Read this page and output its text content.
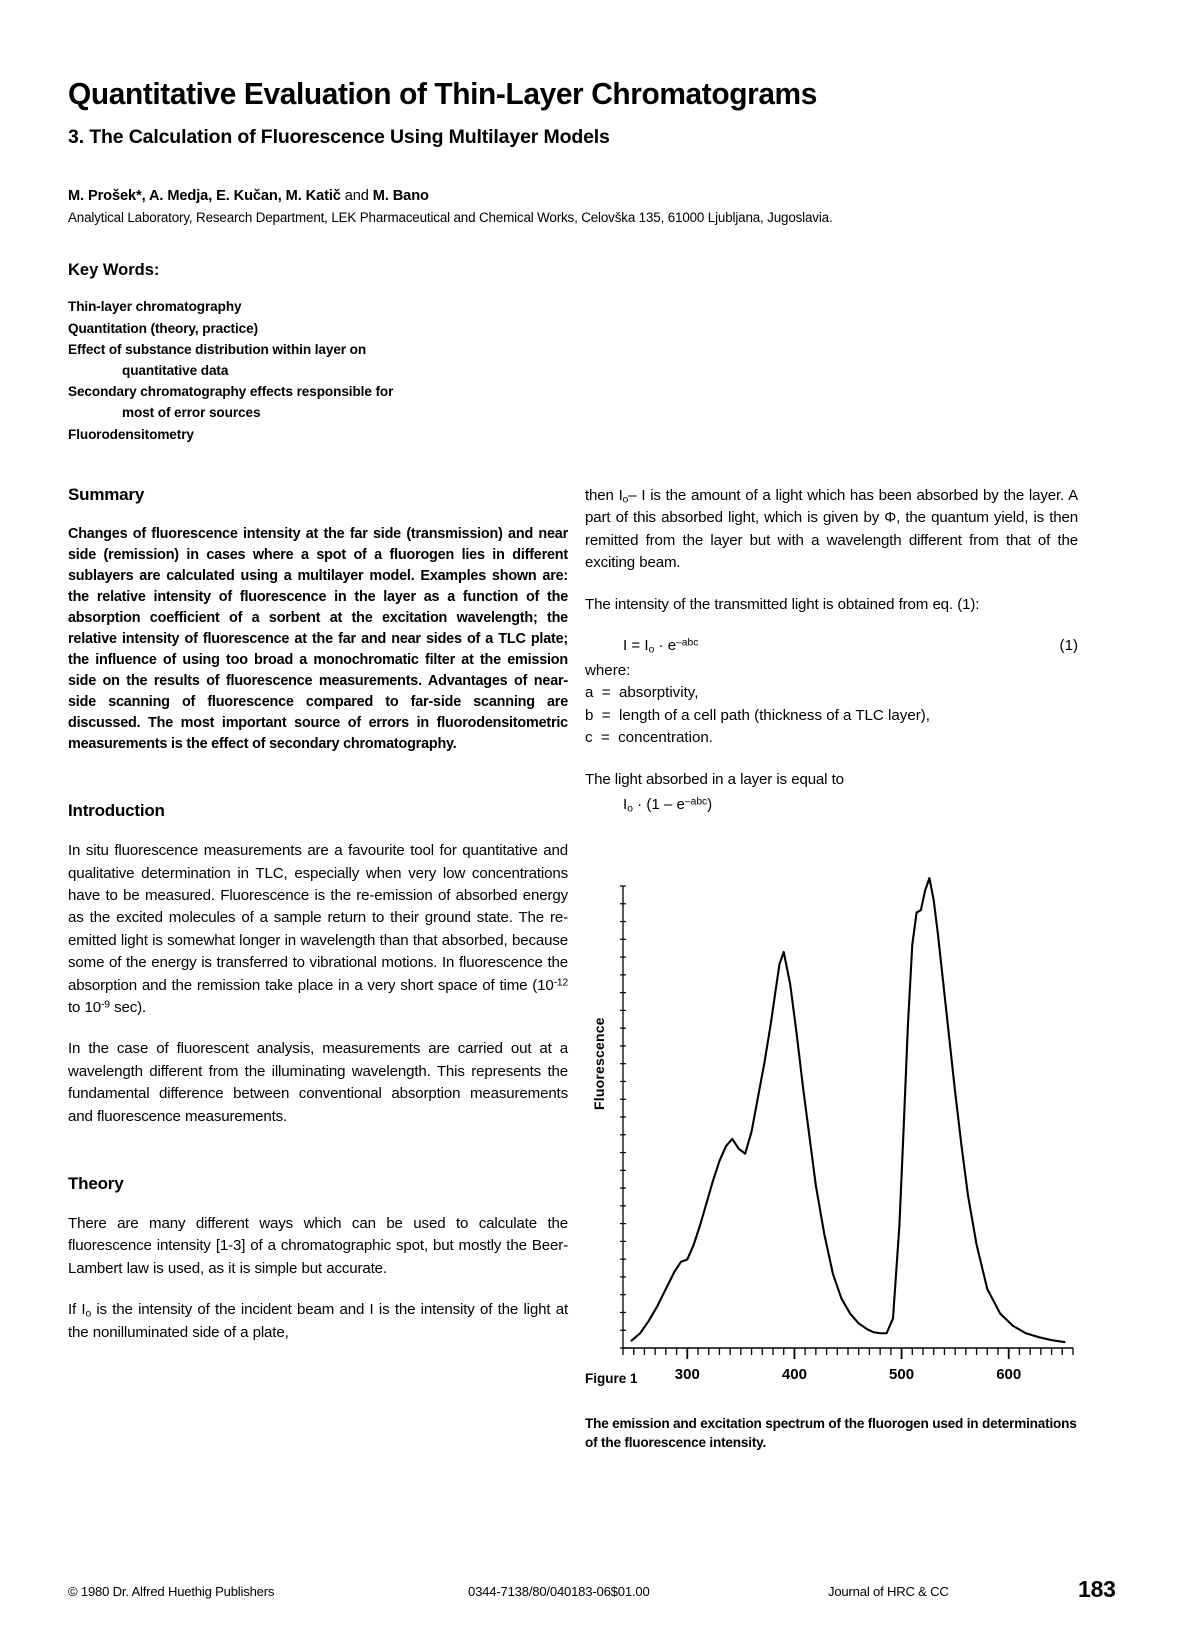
Quantitative Evaluation of Thin-Layer Chromatograms
3. The Calculation of Fluorescence Using Multilayer Models
M. Prošek*, A. Medja, E. Kučan, M. Katič and M. Bano
Analytical Laboratory, Research Department, LEK Pharmaceutical and Chemical Works, Celovška 135, 61000 Ljubljana, Jugoslavia.
Key Words:
Thin-layer chromatography
Quantitation (theory, practice)
Effect of substance distribution within layer on
quantitative data
Secondary chromatography effects responsible for
most of error sources
Fluorodensitometry
Summary

Changes of fluorescence intensity at the far side (transmission) and near side (remission) in cases where a spot of a fluorogen lies in different sublayers are calculated using a multilayer model. Examples shown are: the relative intensity of fluorescence in the layer as a function of the absorption coefficient of a sorbent at the excitation wavelength; the relative intensity of fluorescence at the far and near sides of a TLC plate; the influence of using too broad a monochromatic filter at the emission side on the results of fluorescence measurements. Advantages of near-side scanning of fluorescence compared to far-side scanning are discussed. The most important source of errors in fluorodensitometric measurements is the effect of secondary chromatography.

Introduction

In situ fluorescence measurements are a favourite tool for quantitative and qualitative determination in TLC, especially when very low concentrations have to be measured. Fluorescence is the re-emission of absorbed energy as the excited molecules of a sample return to their ground state. The re-emitted light is somewhat longer in wavelength than that absorbed, because some of the energy is transferred to vibrational motions. In fluorescence the absorption and the remission take place in a very short space of time ($10^{-12}$ to $10^{-9}$ sec).

In the case of fluorescent analysis, measurements are carried out at a wavelength different from the illuminating wavelength. This represents the fundamental difference between conventional absorption measurements and fluorescence measurements.

Theory

There are many different ways which can be used to calculate the fluorescence intensity [1-3] of a chromatographic spot, but mostly the Beer-Lambert law is used, as it is simple but accurate.

If $I_o$ is the intensity of the incident beam and I is the intensity of the light at the nonilluminated side of a plate,

then $I_o-$ I is the amount of a light which has been absorbed by the layer. A part of this absorbed light, which is given by Φ, the quantum yield, is then remitted from the layer but with a wavelength different from that of the exciting beam.

The intensity of the transmitted light is obtained from eq. (1):

$I = I_o \cdot e^{-abc}$	(1)
where:
a  =  absorptivity,
b  =  length of a cell path (thickness of a TLC layer),
c  =  concentration.

The light absorbed in a layer is equal to

$I_o \cdot (1 - e^{-abc})$
Fluorescence
300	400	500	600
Figure 1
The emission and excitation spectrum of the fluorogen used in determinations of the fluorescence intensity.
© 1980 Dr. Alfred Huethig Publishers	0344-7138/80/040183-06$01.00	Journal of HRC & CC	183
